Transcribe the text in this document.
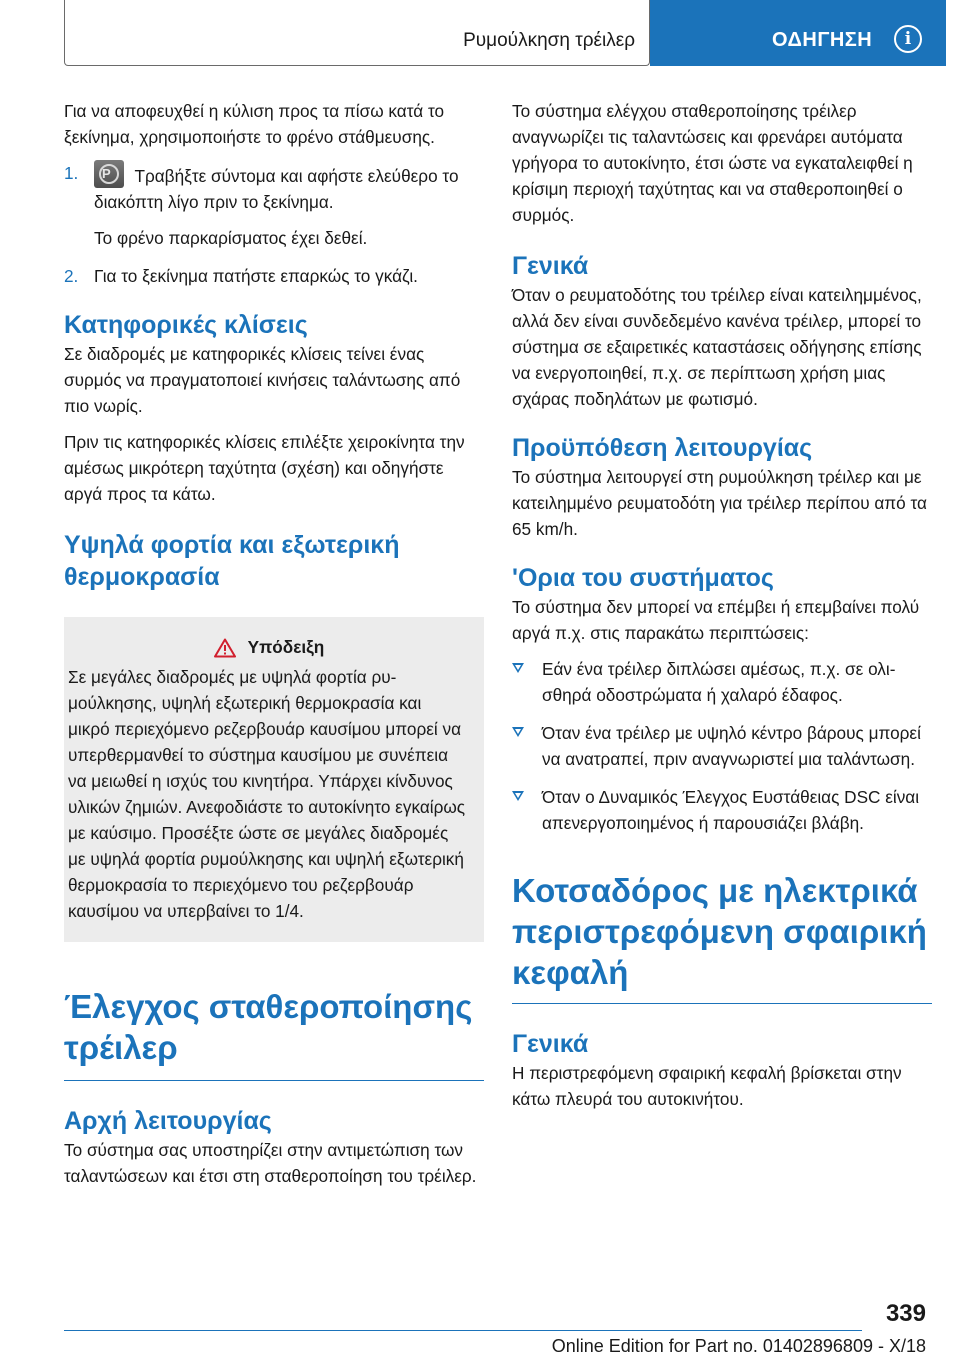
Ρυμούλκηση τρέιλερ	ΟΔΗΓΗΣΗ	i

Για να αποφευχθεί η κύλιση προς τα πίσω κατά το ξεκίνημα, χρησιμοποιήστε το φρένο στάθμευσης.

1. P Τραβήξτε σύντομα και αφήστε ελεύθερο το διακόπτη λίγο πριν το ξεκίνημα.
Το φρένο παρκαρίσματος έχει δεθεί.
2. Για το ξεκίνημα πατήστε επαρκώς το γκάζι.
Κατηφορικές κλίσεις

Σε διαδρομές με κατηφορικές κλίσεις τείνει ένας συρμός να πραγματοποιεί κινήσεις ταλάντωσης από πιο νωρίς.

Πριν τις κατηφορικές κλίσεις επιλέξτε χειροκίνητα την αμέσως μικρότερη ταχύτητα (σχέση) και οδηγήστε αργά προς τα κάτω.

Υψηλά φορτία και εξωτερική θερμοκρασία
Υπόδειξη

Σε μεγάλες διαδρομές με υψηλά φορτία ρυμούλκησης, υψηλή εξωτερική θερμοκρασία και μικρό περιεχόμενο ρεζερβουάρ καυσίμου μπορεί να υπερθερμανθεί το σύστημα καυσίμου με συνέπεια να μειωθεί η ισχύς του κινητήρα. Υπάρχει κίνδυνος υλικών ζημιών. Ανεφοδιάστε το αυτοκίνητο εγκαίρως με καύσιμο. Προσέξτε ώστε σε μεγάλες διαδρομές με υψηλά φορτία ρυμούλκησης και υψηλή εξωτερική θερμοκρασία το περιεχόμενο του ρεζερβουάρ καυσίμου να υπερβαίνει το 1/4.

Έλεγχος σταθεροποίησης τρέιλερ
Αρχή λειτουργίας

Το σύστημα σας υποστηρίζει στην αντιμετώπιση των ταλαντώσεων και έτσι στη σταθεροποίηση του τρέιλερ.

Το σύστημα ελέγχου σταθεροποίησης τρέιλερ αναγνωρίζει τις ταλαντώσεις και φρενάρει αυτόματα γρήγορα το αυτοκίνητο, έτσι ώστε να εγκαταλειφθεί η κρίσιμη περιοχή ταχύτητας και να σταθεροποιηθεί ο συρμός.

Γενικά

Όταν ο ρευματοδότης του τρέιλερ είναι κατειλημμένος, αλλά δεν είναι συνδεδεμένο κανένα τρέιλερ, μπορεί το σύστημα σε εξαιρετικές καταστάσεις οδήγησης επίσης να ενεργοποιηθεί, π.χ. σε περίπτωση χρήση μιας σχάρας ποδηλάτων με φωτισμό.

Προϋπόθεση λειτουργίας

Το σύστημα λειτουργεί στη ρυμούλκηση τρέιλερ και με κατειλημμένο ρευματοδότη για τρέιλερ περίπου από τα 65 km/h.

'Ορια του συστήματος

Το σύστημα δεν μπορεί να επέμβει ή επεμβαίνει πολύ αργά π.χ. στις παρακάτω περιπτώσεις:

Εάν ένα τρέιλερ διπλώσει αμέσως, π.χ. σε ολισθηρά οδοστρώματα ή χαλαρό έδαφος.
Όταν ένα τρέιλερ με υψηλό κέντρο βάρους μπορεί να ανατραπεί, πριν αναγνωριστεί μια ταλάντωση.
Όταν ο Δυναμικός Έλεγχος Ευστάθειας DSC είναι απενεργοποιημένος ή παρουσιάζει βλάβη.
Κοτσαδόρος με ηλεκτρικά περιστρεφόμενη σφαιρική κεφαλή
Γενικά

Η περιστρεφόμενη σφαιρική κεφαλή βρίσκεται στην κάτω πλευρά του αυτοκινήτου.

339
Online Edition for Part no. 01402896809 - X/18
